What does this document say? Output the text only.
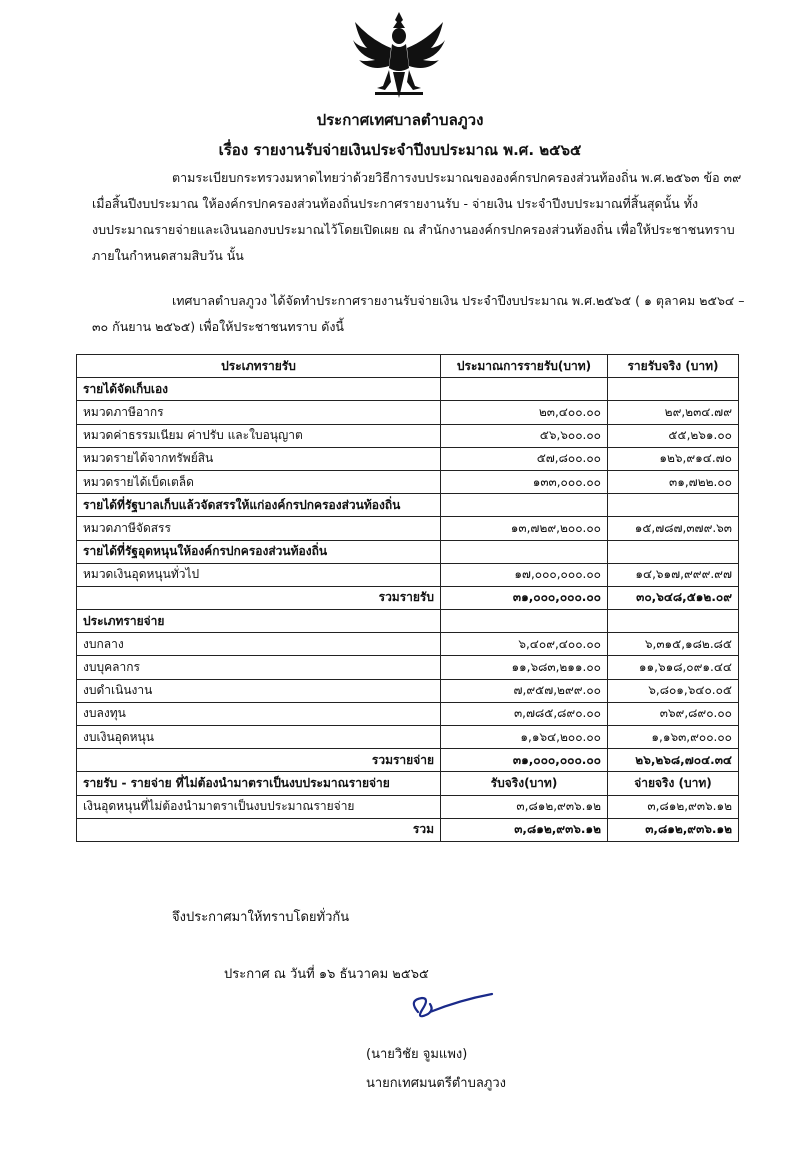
ประกาศเทศบาลตำบลภูวง
เรื่อง รายงานรับจ่ายเงินประจำปีงบประมาณ พ.ศ. ๒๕๖๕
ตามระเบียบกระทรวงมหาดไทยว่าด้วยวิธีการงบประมาณขององค์กรปกครองส่วนท้องถิ่น พ.ศ.๒๕๖๓ ข้อ ๓๙
เมื่อสิ้นปีงบประมาณ ให้องค์กรปกครองส่วนท้องถิ่นประกาศรายงานรับ - จ่ายเงิน ประจำปีงบประมาณที่สิ้นสุดนั้น ทั้ง
งบประมาณรายจ่ายและเงินนอกงบประมาณไว้โดยเปิดเผย ณ สำนักงานองค์กรปกครองส่วนท้องถิ่น เพื่อให้ประชาชนทราบ
ภายในกำหนดสามสิบวัน นั้น
เทศบาลตำบลภูวง ได้จัดทำประกาศรายงานรับจ่ายเงิน ประจำปีงบประมาณ พ.ศ.๒๕๖๕ ( ๑ ตุลาคม ๒๕๖๔ –
๓๐ กันยาน ๒๕๖๕) เพื่อให้ประชาชนทราบ ดังนี้
ประเภทรายรับ	ประมาณการรายรับ(บาท)	รายรับจริง (บาท)
รายได้จัดเก็บเอง		
หมวดภาษีอากร	๒๓,๔๐๐.๐๐	๒๙,๒๓๔.๗๙
หมวดค่าธรรมเนียม ค่าปรับ และใบอนุญาต	๕๖,๖๐๐.๐๐	๕๕,๒๖๑.๐๐
หมวดรายได้จากทรัพย์สิน	๕๗,๘๐๐.๐๐	๑๒๖,๙๑๔.๗๐
หมวดรายได้เบ็ดเตล็ด	๑๓๓,๐๐๐.๐๐	๓๑,๗๒๒.๐๐
รายได้ที่รัฐบาลเก็บแล้วจัดสรรให้แก่องค์กรปกครองส่วนท้องถิ่น		
หมวดภาษีจัดสรร	๑๓,๗๒๙,๒๐๐.๐๐	๑๕,๗๘๗,๓๗๙.๖๓
รายได้ที่รัฐอุดหนุนให้องค์กรปกครองส่วนท้องถิ่น		
หมวดเงินอุดหนุนทั่วไป	๑๗,๐๐๐,๐๐๐.๐๐	๑๔,๖๑๗,๙๙๙.๙๗
รวมรายรับ	๓๑,๐๐๐,๐๐๐.๐๐	๓๐,๖๔๘,๕๑๒.๐๙
ประเภทรายจ่าย		
งบกลาง	๖,๔๐๙,๔๐๐.๐๐	๖,๓๑๕,๑๘๒.๘๕
งบบุคลากร	๑๑,๖๘๓,๒๑๑.๐๐	๑๑,๖๑๘,๐๙๑.๔๔
งบดำเนินงาน	๗,๙๕๗,๒๙๙.๐๐	๖,๘๐๑,๖๔๐.๐๕
งบลงทุน	๓,๗๘๕,๘๙๐.๐๐	๓๖๙,๘๙๐.๐๐
งบเงินอุดหนุน	๑,๑๖๔,๒๐๐.๐๐	๑,๑๖๓,๙๐๐.๐๐
รวมรายจ่าย	๓๑,๐๐๐,๐๐๐.๐๐	๒๖,๒๖๘,๗๐๔.๓๔
รายรับ - รายจ่าย ที่ไม่ต้องนำมาตราเป็นงบประมาณรายจ่าย	รับจริง(บาท)	จ่ายจริง (บาท)
เงินอุดหนุนที่ไม่ต้องนำมาตราเป็นงบประมาณรายจ่าย	๓,๘๑๒,๙๓๖.๑๒	๓,๘๑๒,๙๓๖.๑๒
รวม	๓,๘๑๒,๙๓๖.๑๒	๓,๘๑๒,๙๓๖.๑๒
จึงประกาศมาให้ทราบโดยทั่วกัน
ประกาศ ณ วันที่ ๑๖ ธันวาคม ๒๕๖๕
(นายวิชัย จูมแพง)
นายกเทศมนตรีตำบลภูวง
